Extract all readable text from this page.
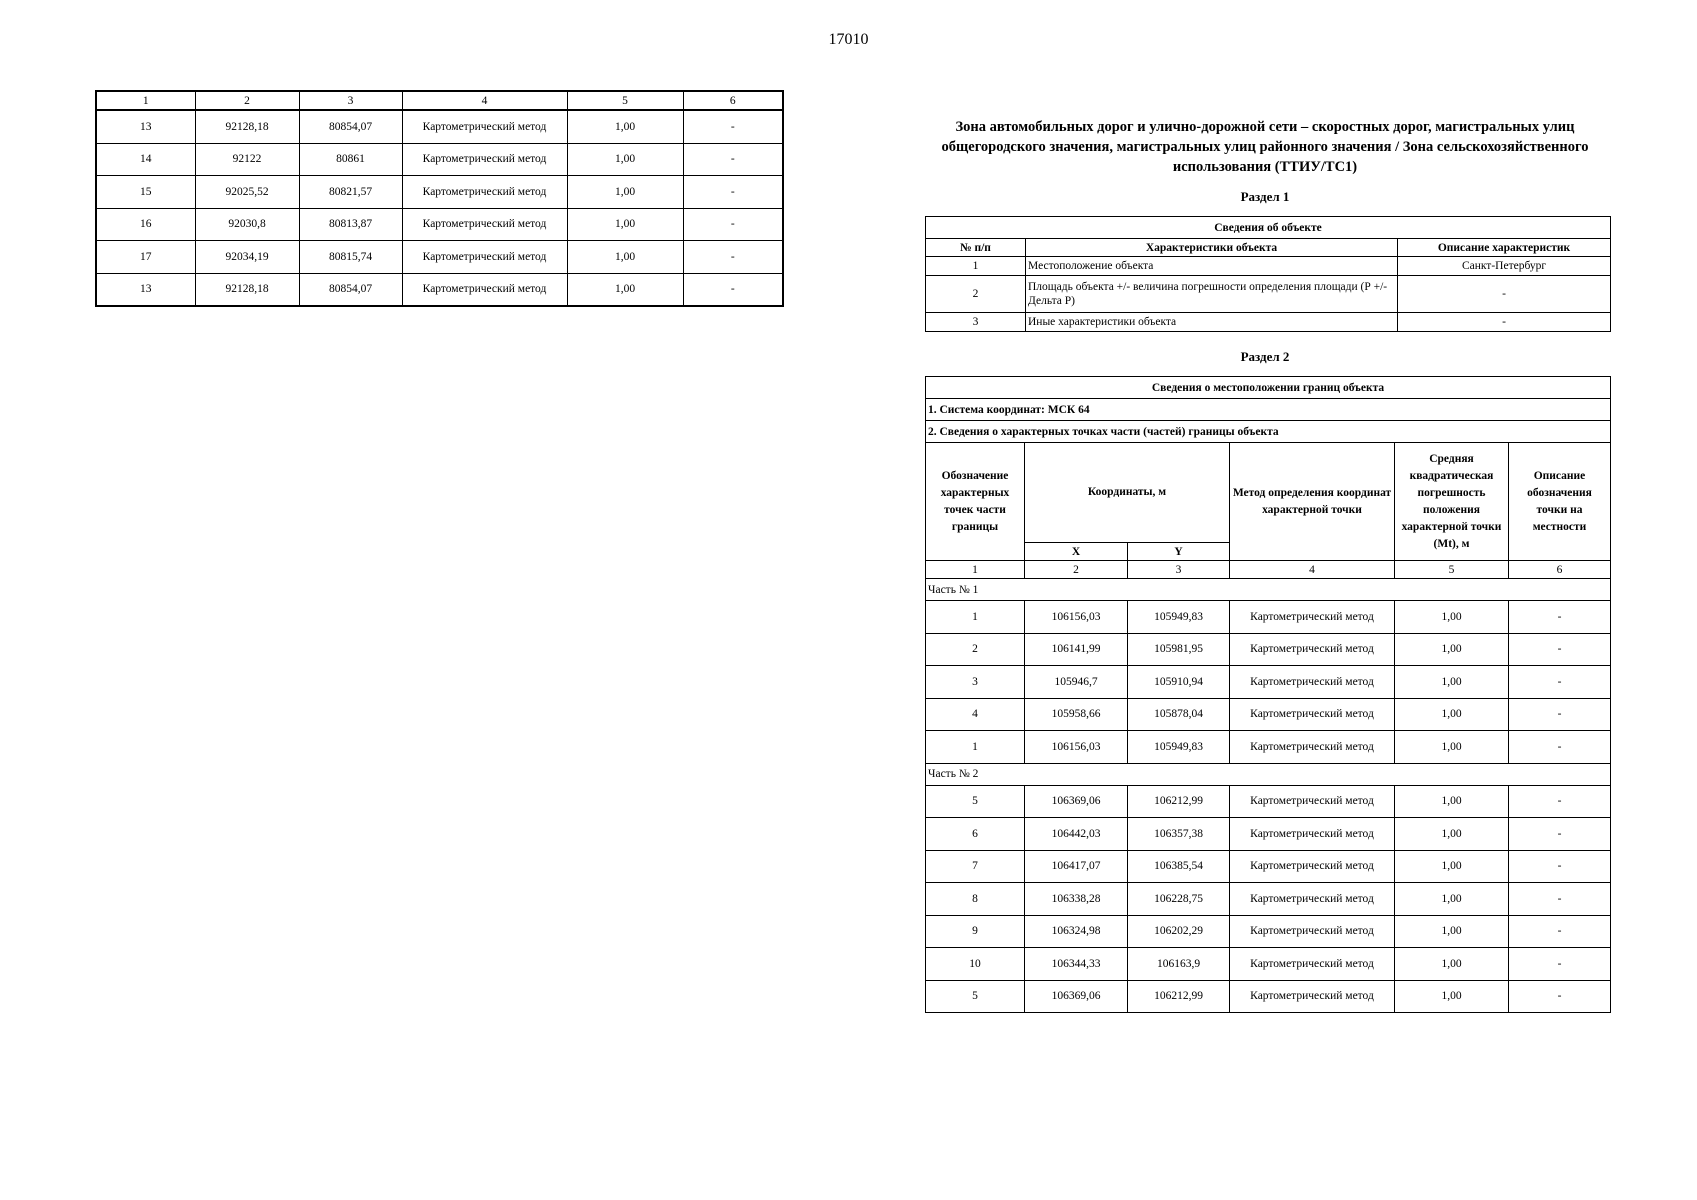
17010
1	2	3	4	5	6
13	92128,18	80854,07	Картометрический метод	1,00	-
14	92122	80861	Картометрический метод	1,00	-
15	92025,52	80821,57	Картометрический метод	1,00	-
16	92030,8	80813,87	Картометрический метод	1,00	-
17	92034,19	80815,74	Картометрический метод	1,00	-
13	92128,18	80854,07	Картометрический метод	1,00	-
Зона автомобильных дорог и улично-дорожной сети – скоростных дорог, магистральных улиц общегородского значения, магистральных улиц районного значения / Зона сельскохозяйственного использования (ТТИУ/ТС1)
Раздел 1
Сведения об объекте		
№ п/п	Характеристики объекта	Описание характеристик
1	Местоположение объекта	Санкт-Петербург
2	Площадь объекта +/- величина погрешности определения площади (Р +/- Дельта Р)	-
3	Иные характеристики объекта	-
Раздел 2
Сведения о местоположении границ объекта					
1. Система координат: МСК 64					
2. Сведения о характерных точках части (частей) границы объекта					
Обозначение характерных точек части границы	Координаты, м		Метод определения координат характерной точки	Средняя квадратическая погрешность положения характерной точки (Mt), м	Описание обозначения точки на местности
	X	Y			
1	2	3	4	5	6
Часть № 1					
1	106156,03	105949,83	Картометрический метод	1,00	-
2	106141,99	105981,95	Картометрический метод	1,00	-
3	105946,7	105910,94	Картометрический метод	1,00	-
4	105958,66	105878,04	Картометрический метод	1,00	-
1	106156,03	105949,83	Картометрический метод	1,00	-
Часть № 2					
5	106369,06	106212,99	Картометрический метод	1,00	-
6	106442,03	106357,38	Картометрический метод	1,00	-
7	106417,07	106385,54	Картометрический метод	1,00	-
8	106338,28	106228,75	Картометрический метод	1,00	-
9	106324,98	106202,29	Картометрический метод	1,00	-
10	106344,33	106163,9	Картометрический метод	1,00	-
5	106369,06	106212,99	Картометрический метод	1,00	-
